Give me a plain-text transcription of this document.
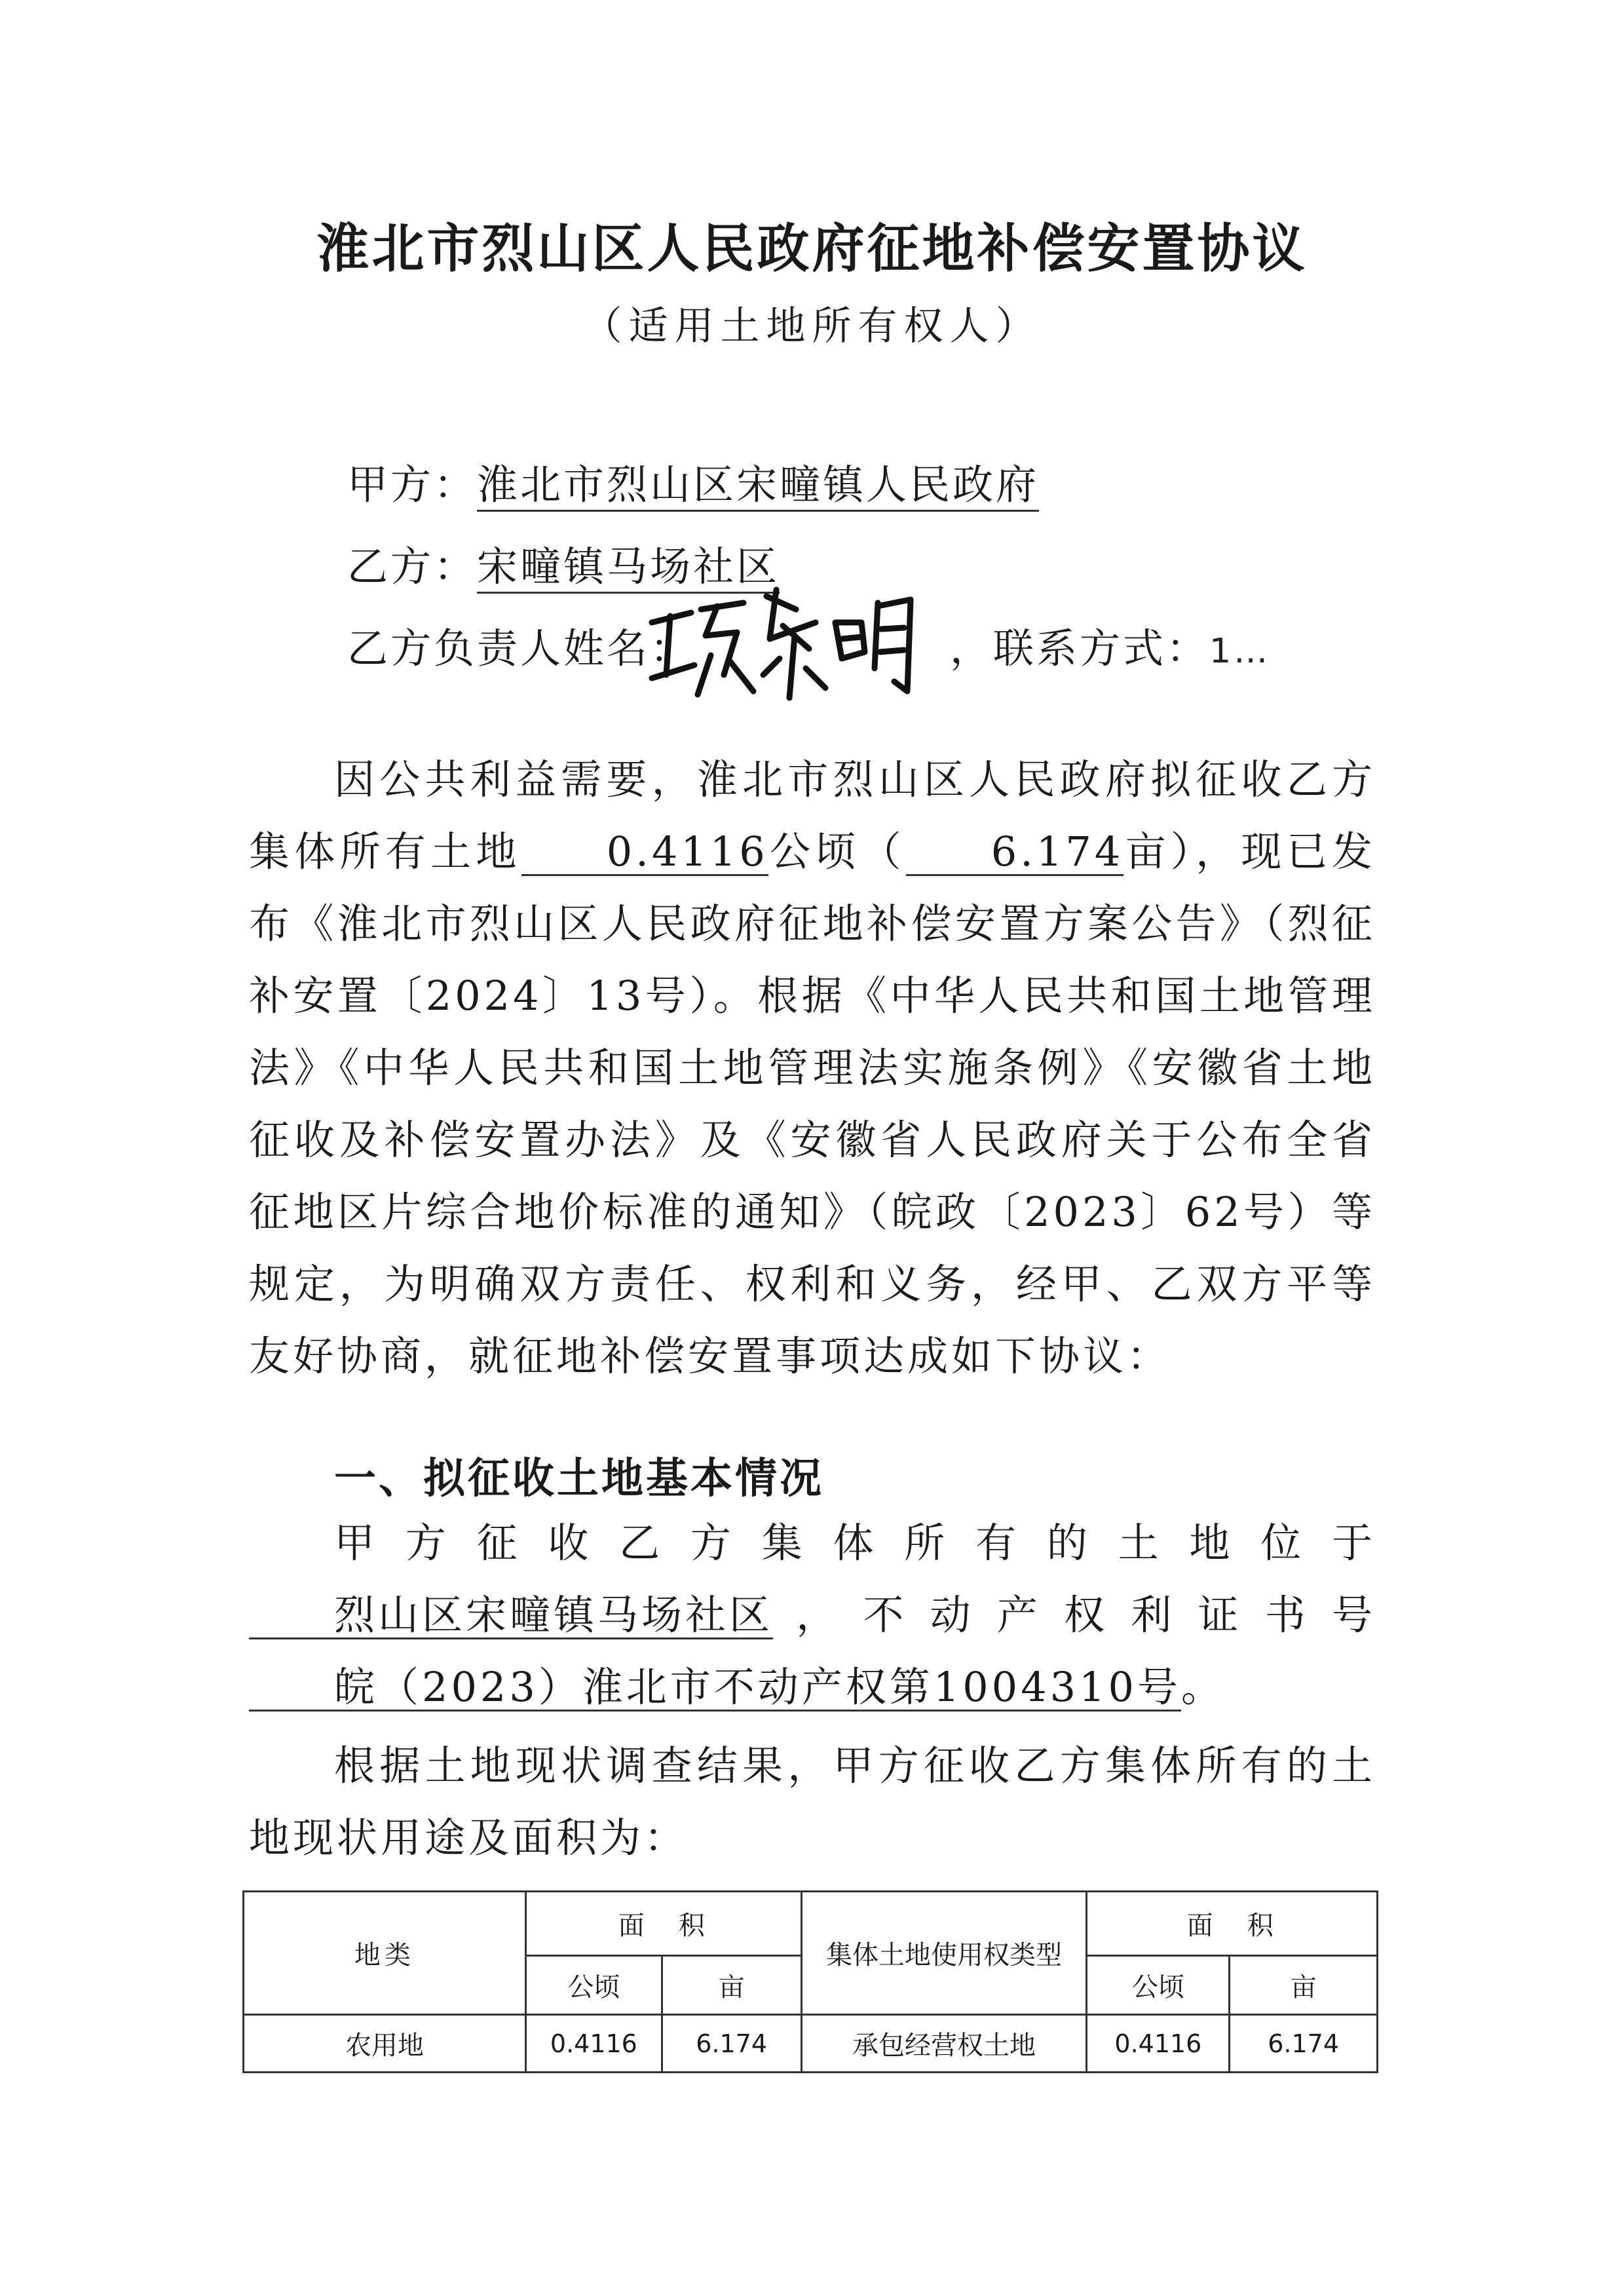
淮北市烈山区人民政府征地补偿安置协议
（适用土地所有权人）
甲方：淮北市烈山区宋疃镇人民政府
乙方：宋疃镇马场社区
乙方负责人姓名：	，联系方式：1…
因公共利益需要，淮北市烈山区人民政府拟征收乙方集体所有土地 0.4116公顷（ 6.174亩），现已发布《淮北市烈山区人民政府征地补偿安置方案公告》（烈征补安置〔2024〕13号）。根据《中华人民共和国土地管理法》《中华人民共和国土地管理法实施条例》《安徽省土地征收及补偿安置办法》及《安徽省人民政府关于公布全省征地区片综合地价标准的通知》（皖政〔2023〕62号）等规定，为明确双方责任、权利和义务，经甲、乙双方平等友好协商，就征地补偿安置事项达成如下协议：
一、拟征收土地基本情况
甲方征收乙方集体所有的土地位于烈山区宋疃镇马场社区，不动产权利证书号皖（2023）淮北市不动产权第1004310号。
根据土地现状调查结果，甲方征收乙方集体所有的土地现状用途及面积为：
地类	面　积		集体土地使用权类型	面　积	
	公顷	亩		公顷	亩
农用地	0.4116	6.174	承包经营权土地	0.4116	6.174
